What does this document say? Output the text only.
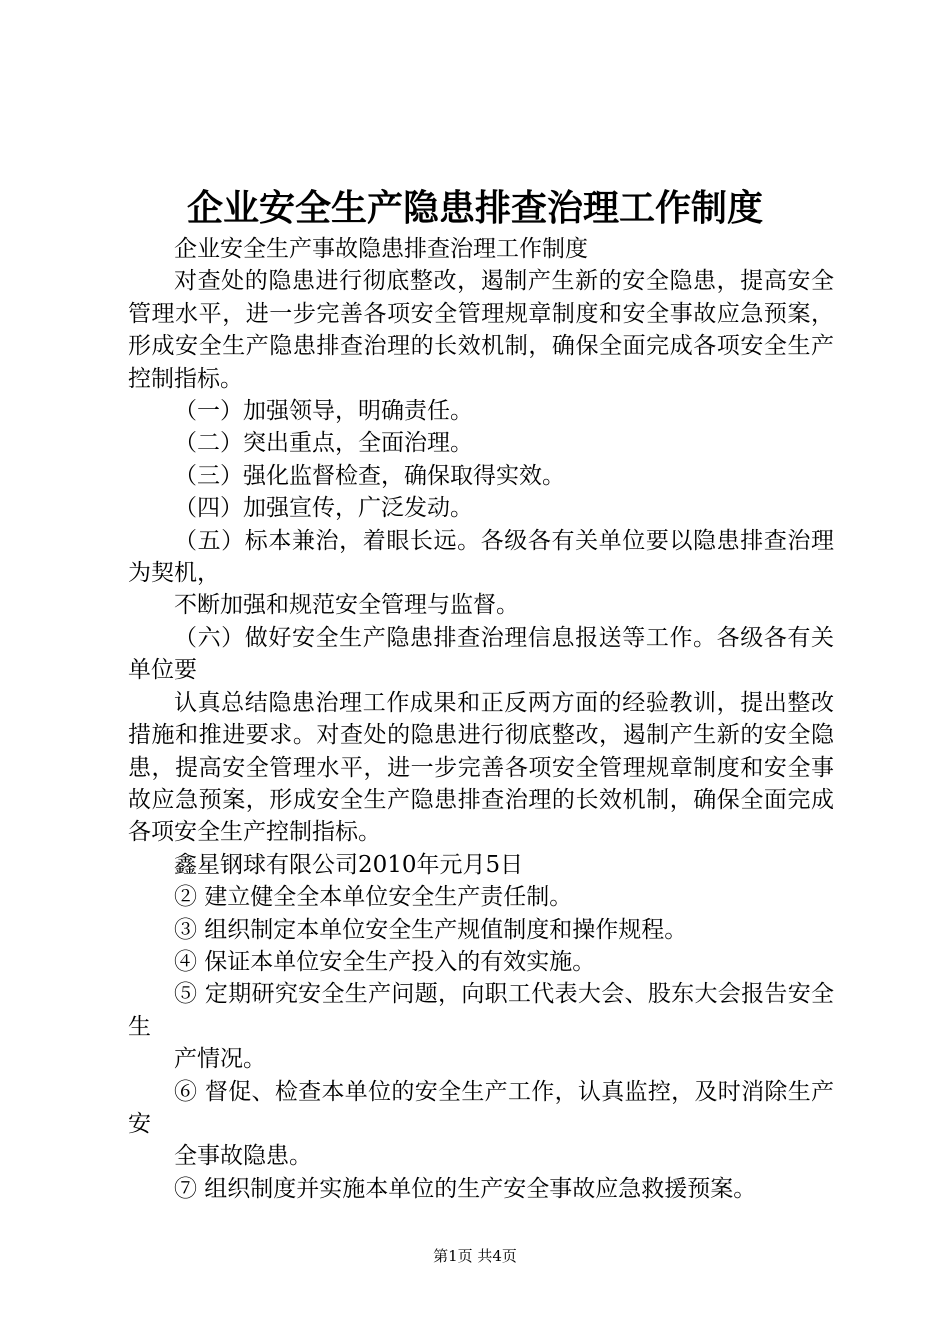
企业安全生产隐患排查治理工作制度

企业安全生产事故隐患排查治理工作制度

对查处的隐患进行彻底整改，遏制产生新的安全隐患，提高安全管理水平，进一步完善各项安全管理规章制度和安全事故应急预案，形成安全生产隐患排查治理的长效机制，确保全面完成各项安全生产控制指标。

（一）加强领导，明确责任。

（二）突出重点，全面治理。

（三）强化监督检查，确保取得实效。

（四）加强宣传，广泛发动。

（五）标本兼治，着眼长远。各级各有关单位要以隐患排查治理为契机，

不断加强和规范安全管理与监督。

（六）做好安全生产隐患排查治理信息报送等工作。各级各有关单位要

认真总结隐患治理工作成果和正反两方面的经验教训，提出整改措施和推进要求。对查处的隐患进行彻底整改，遏制产生新的安全隐患，提高安全管理水平，进一步完善各项安全管理规章制度和安全事故应急预案，形成安全生产隐患排查治理的长效机制，确保全面完成各项安全生产控制指标。

鑫星钢球有限公司2010年元月5日

② 建立健全全本单位安全生产责任制。

③ 组织制定本单位安全生产规值制度和操作规程。

④ 保证本单位安全生产投入的有效实施。

⑤ 定期研究安全生产问题，向职工代表大会、股东大会报告安全生

产情况。

⑥ 督促、检查本单位的安全生产工作，认真监控，及时消除生产安

全事故隐患。

⑦ 组织制度并实施本单位的生产安全事故应急救援预案。

第1页 共4页
